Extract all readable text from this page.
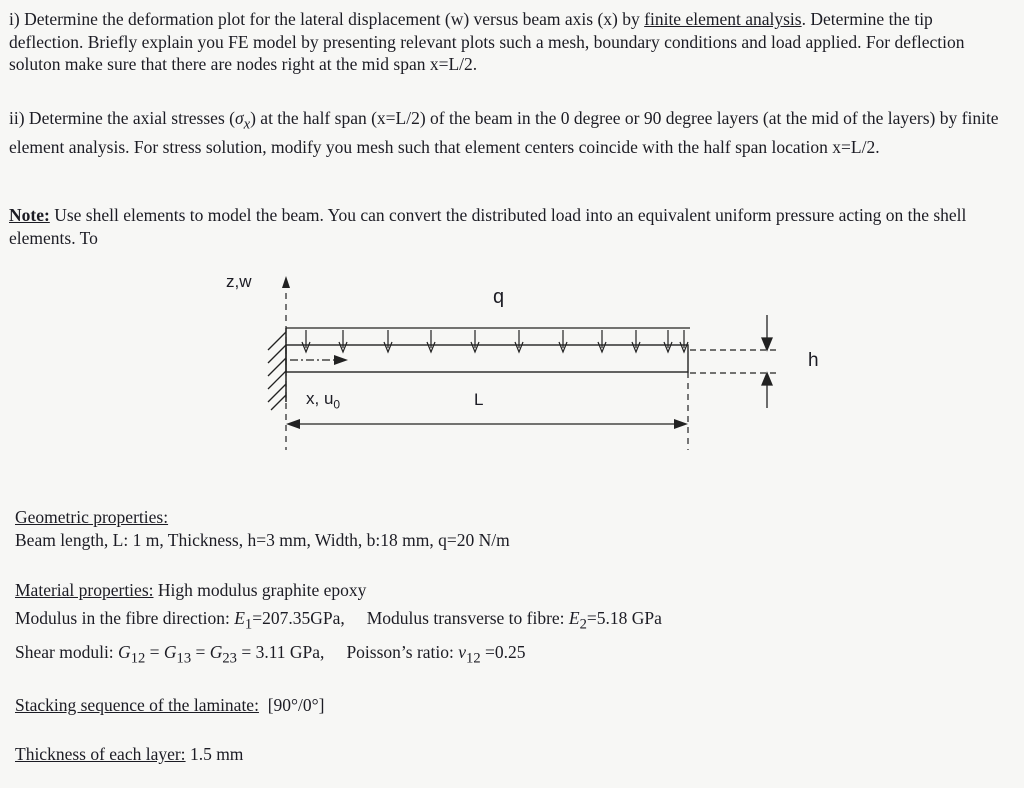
i) Determine the deformation plot for the lateral displacement (w) versus beam axis (x) by finite element analysis. Determine the tip deflection. Briefly explain you FE model by presenting relevant plots such a mesh, boundary conditions and load applied. For deflection soluton make sure that there are nodes right at the mid span x=L/2.
ii) Determine the axial stresses $(\sigma_x)$ at the half span (x=L/2) of the beam in the 0 degree or 90 degree layers (at the mid of the layers) by finite element analysis. For stress solution, modify you mesh such that element centers coincide with the half span location x=L/2.
Note: Use shell elements to model the beam. You can convert the distributed load into an equivalent uniform pressure acting on the shell elements. To
z,w
q
h
x, $u_0$	L
Geometric properties:
Beam length, L: 1 m, Thickness, h=3 mm, Width, b:18 mm, q=20 N/m
Material properties: High modulus graphite epoxy
Modulus in the fibre direction: $E_1=207.35GPa$, Modulus transverse to fibre: $E_2=5.18$ GPa
Shear moduli: $G_{12} = G_{13} = G_{23} = 3.11$ GPa, Poisson’s ratio: $\nu_{12} =0.25$
Stacking sequence of the laminate: [90°/0°]
Thickness of each layer: 1.5 mm
